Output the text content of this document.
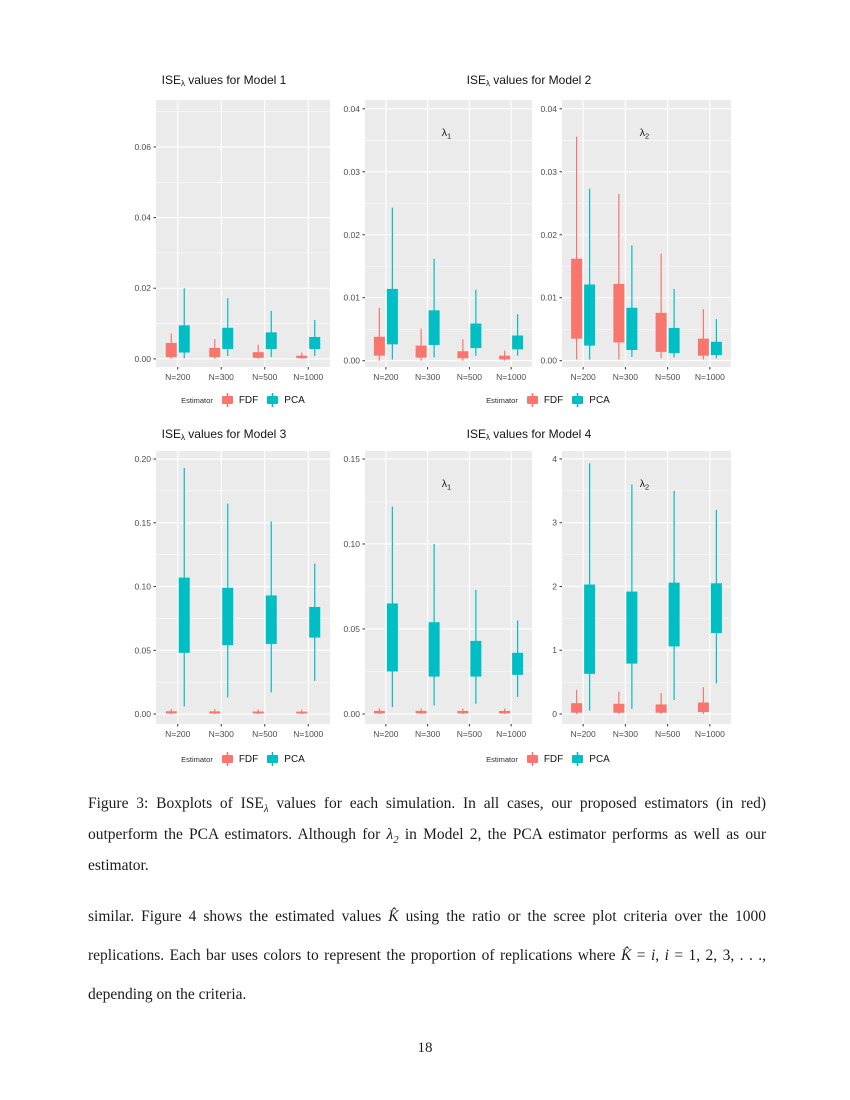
$ISE_\lambda$ values for Model 1
0.00
0.02
0.04
0.06
N=200 N=300 N=500 N=1000
Estimator	FDF	PCA
$ISE_\lambda$ values for Model 2
0.00
0.01
0.02
0.03
0.04
N=200 N=300 N=500 N=1000
$\lambda_1$
0.00
0.01
0.02
0.03
0.04
N=200 N=300 N=500 N=1000
$\lambda_2$
Estimator	FDF	PCA
$ISE_\lambda$ values for Model 3
0.00
0.05
0.10
0.15
0.20
N=200 N=300 N=500 N=1000
Estimator	FDF	PCA
$ISE_\lambda$ values for Model 4
0.00
0.05
0.10
0.15
N=200 N=300 N=500 N=1000
$\lambda_1$
0
1
2
3
4
N=200 N=300 N=500 N=1000
$\lambda_2$
Estimator	FDF	PCA
Figure 3: Boxplots of $ISE_\lambda$ values for each simulation. In all cases, our proposed estimators (in red) outperform the PCA estimators. Although for $\lambda_2$ in Model 2, the PCA estimator performs as well as our estimator.
similar. Figure 4 shows the estimated values K̂ using the ratio or the scree plot criteria over the 1000 replications. Each bar uses colors to represent the proportion of replications where K̂ = i, i = 1, 2, 3, . . ., depending on the criteria.
18
